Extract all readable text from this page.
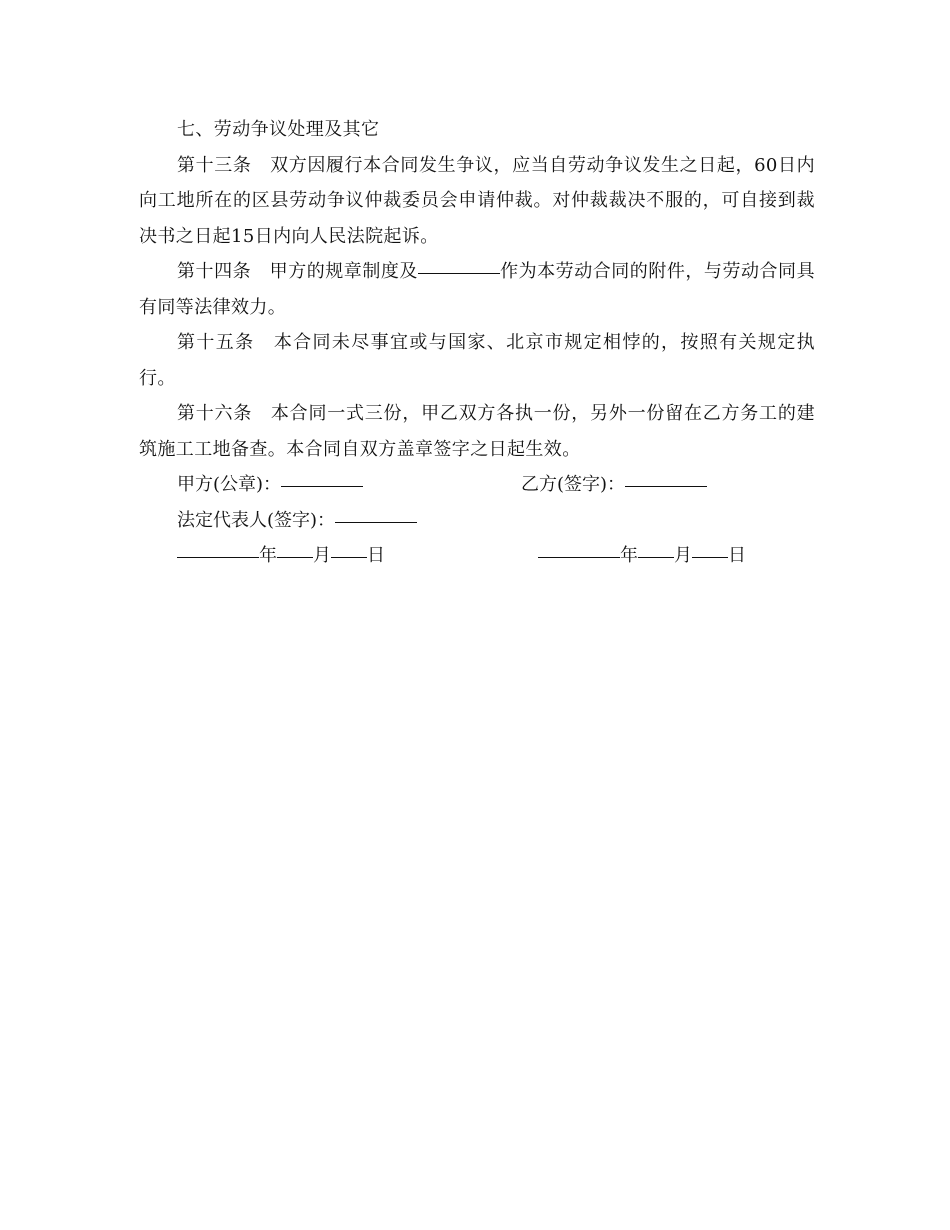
七、劳动争议处理及其它

第十三条  双方因履行本合同发生争议，应当自劳动争议发生之日起，60日内向工地所在的区县劳动争议仲裁委员会申请仲裁。对仲裁裁决不服的，可自接到裁决书之日起15日内向人民法院起诉。

第十四条  甲方的规章制度及	作为本劳动合同的附件，与劳动合同具有同等法律效力。

第十五条  本合同未尽事宜或与国家、北京市规定相悖的，按照有关规定执行。

第十六条  本合同一式三份，甲乙双方各执一份，另外一份留在乙方务工的建筑施工工地备查。本合同自双方盖章签字之日起生效。

甲方(公章)：	乙方(签字)：
法定代表人(签字)：
年 月 日	年 月 日
